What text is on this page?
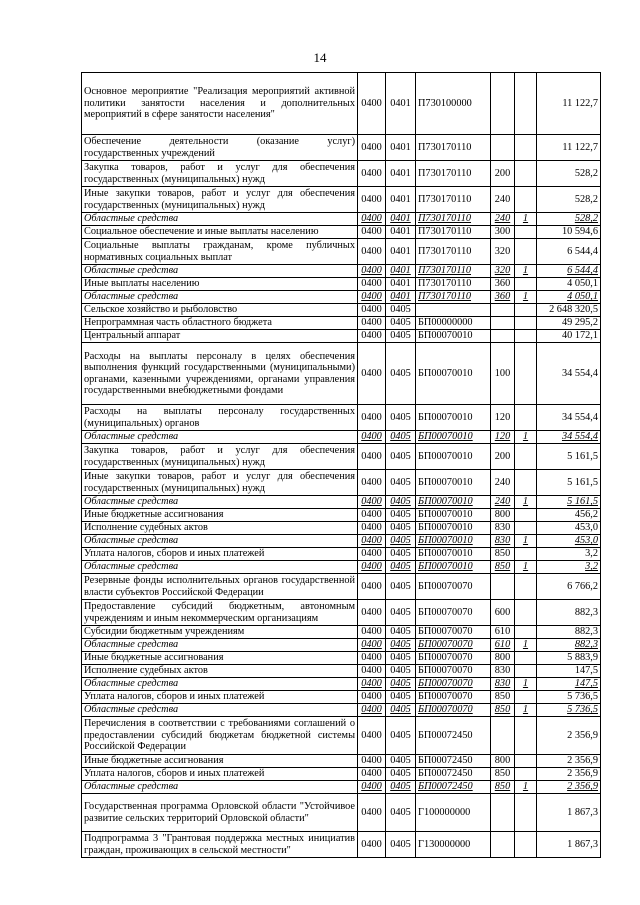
14
Основное мероприятие "Реализация мероприятий активной политики занятости населения и дополнительных мероприятий в сфере занятости населения"	0400	0401	П730100000			11 122,7
Обеспечение деятельности (оказание услуг) государственных учреждений	0400	0401	П730170110			11 122,7
Закупка товаров, работ и услуг для обеспечения государственных (муниципальных) нужд	0400	0401	П730170110	200		528,2
Иные закупки товаров, работ и услуг для обеспечения государственных (муниципальных) нужд	0400	0401	П730170110	240		528,2
Областные средства	0400	0401	П730170110	240	1	528,2
Социальное обеспечение и иные выплаты населению	0400	0401	П730170110	300		10 594,6
Социальные выплаты гражданам, кроме публичных нормативных социальных выплат	0400	0401	П730170110	320		6 544,4
Областные средства	0400	0401	П730170110	320	1	6 544,4
Иные выплаты населению	0400	0401	П730170110	360		4 050,1
Областные средства	0400	0401	П730170110	360	1	4 050,1
Сельское хозяйство и рыболовство	0400	0405				2 648 320,5
Непрограммная часть областного бюджета	0400	0405	БП00000000			49 295,2
Центральный аппарат	0400	0405	БП00070010			40 172,1
Расходы на выплаты персоналу в целях обеспечения выполнения функций государственными (муниципальными) органами, казенными учреждениями, органами управления государственными внебюджетными фондами	0400	0405	БП00070010	100		34 554,4
Расходы на выплаты персоналу государственных (муниципальных) органов	0400	0405	БП00070010	120		34 554,4
Областные средства	0400	0405	БП00070010	120	1	34 554,4
Закупка товаров, работ и услуг для обеспечения государственных (муниципальных) нужд	0400	0405	БП00070010	200		5 161,5
Иные закупки товаров, работ и услуг для обеспечения государственных (муниципальных) нужд	0400	0405	БП00070010	240		5 161,5
Областные средства	0400	0405	БП00070010	240	1	5 161,5
Иные бюджетные ассигнования	0400	0405	БП00070010	800		456,2
Исполнение судебных актов	0400	0405	БП00070010	830		453,0
Областные средства	0400	0405	БП00070010	830	1	453,0
Уплата налогов, сборов и иных платежей	0400	0405	БП00070010	850		3,2
Областные средства	0400	0405	БП00070010	850	1	3,2
Резервные фонды исполнительных органов государственной власти субъектов Российской Федерации	0400	0405	БП00070070			6 766,2
Предоставление субсидий бюджетным, автономным учреждениям и иным некоммерческим организациям	0400	0405	БП00070070	600		882,3
Субсидии бюджетным учреждениям	0400	0405	БП00070070	610		882,3
Областные средства	0400	0405	БП00070070	610	1	882,3
Иные бюджетные ассигнования	0400	0405	БП00070070	800		5 883,9
Исполнение судебных актов	0400	0405	БП00070070	830		147,5
Областные средства	0400	0405	БП00070070	830	1	147,5
Уплата налогов, сборов и иных платежей	0400	0405	БП00070070	850		5 736,5
Областные средства	0400	0405	БП00070070	850	1	5 736,5
Перечисления в соответствии с требованиями соглашений о предоставлении субсидий бюджетам бюджетной системы Российской Федерации	0400	0405	БП00072450			2 356,9
Иные бюджетные ассигнования	0400	0405	БП00072450	800		2 356,9
Уплата налогов, сборов и иных платежей	0400	0405	БП00072450	850		2 356,9
Областные средства	0400	0405	БП00072450	850	1	2 356,9
Государственная программа Орловской области "Устойчивое развитие сельских территорий Орловской области"	0400	0405	Г100000000			1 867,3
Подпрограмма 3 "Грантовая поддержка местных инициатив граждан, проживающих в сельской местности"	0400	0405	Г130000000			1 867,3
